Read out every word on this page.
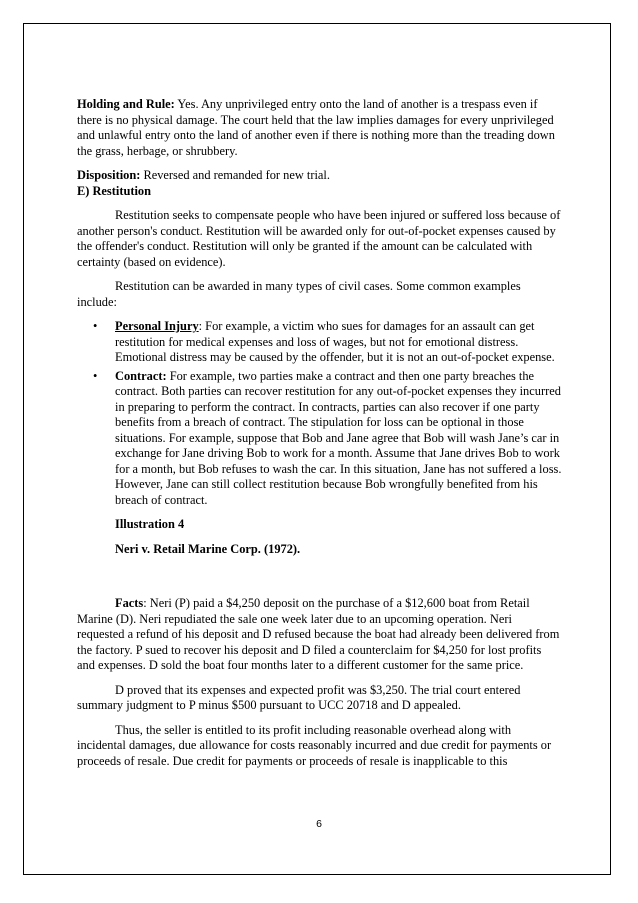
Holding and Rule: Yes. Any unprivileged entry onto the land of another is a trespass even if there is no physical damage. The court held that the law implies damages for every unprivileged and unlawful entry onto the land of another even if there is nothing more than the treading down the grass, herbage, or shrubbery.

Disposition: Reversed and remanded for new trial.

E) Restitution

Restitution seeks to compensate people who have been injured or suffered loss because of another person's conduct. Restitution will be awarded only for out-of-pocket expenses caused by the offender's conduct. Restitution will only be granted if the amount can be calculated with certainty (based on evidence).

Restitution can be awarded in many types of civil cases. Some common examples include:

• Personal Injury: For example, a victim who sues for damages for an assault can get restitution for medical expenses and loss of wages, but not for emotional distress. Emotional distress may be caused by the offender, but it is not an out-of-pocket expense.
• Contract: For example, two parties make a contract and then one party breaches the contract. Both parties can recover restitution for any out-of-pocket expenses they incurred in preparing to perform the contract. In contracts, parties can also recover if one party benefits from a breach of contract. The stipulation for loss can be optional in those situations. For example, suppose that Bob and Jane agree that Bob will wash Jane’s car in exchange for Jane driving Bob to work for a month. Assume that Jane drives Bob to work for a month, but Bob refuses to wash the car. In this situation, Jane has not suffered a loss. However, Jane can still collect restitution because Bob wrongfully benefited from his breach of contract.

Illustration 4

Neri v. Retail Marine Corp. (1972).

Facts: Neri (P) paid a $4,250 deposit on the purchase of a $12,600 boat from Retail Marine (D). Neri repudiated the sale one week later due to an upcoming operation. Neri requested a refund of his deposit and D refused because the boat had already been delivered from the factory. P sued to recover his deposit and D filed a counterclaim for $4,250 for lost profits and expenses. D sold the boat four months later to a different customer for the same price.

D proved that its expenses and expected profit was $3,250. The trial court entered summary judgment to P minus $500 pursuant to UCC 20718 and D appealed.

Thus, the seller is entitled to its profit including reasonable overhead along with incidental damages, due allowance for costs reasonably incurred and due credit for payments or proceeds of resale. Due credit for payments or proceeds of resale is inapplicable to this

6
